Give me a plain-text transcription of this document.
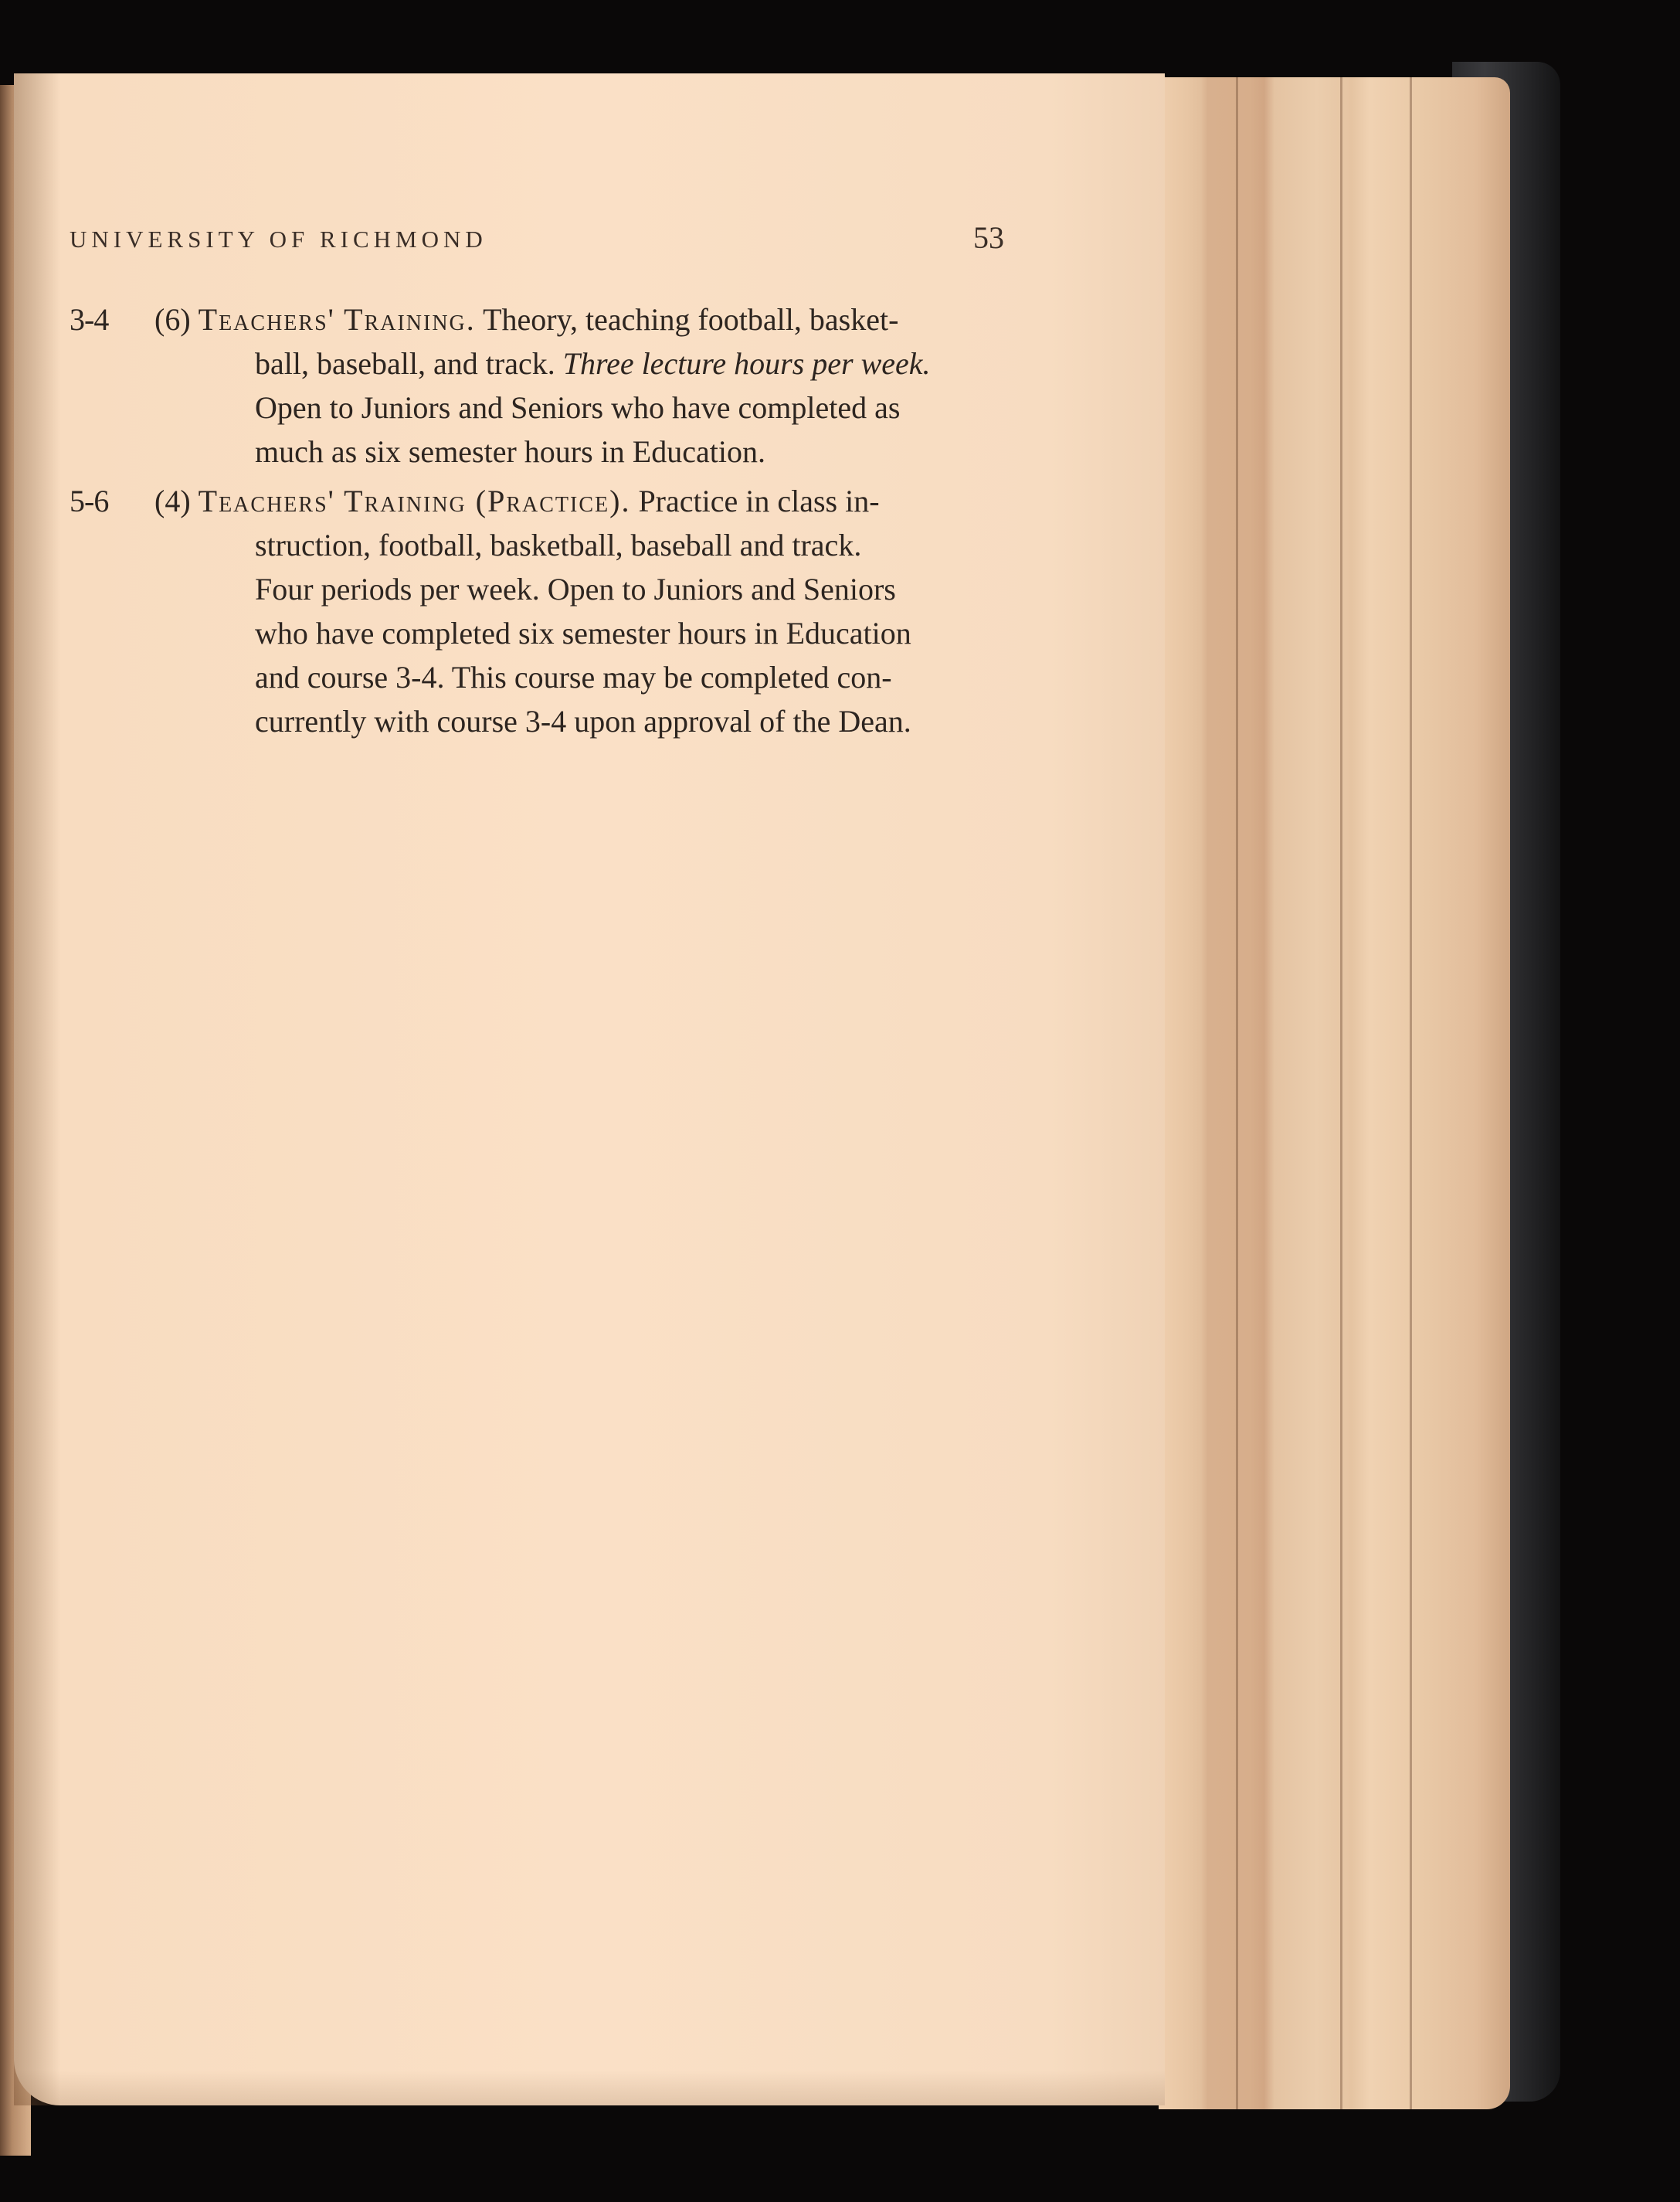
UNIVERSITY OF RICHMOND	53
3-4 (6) Teachers' Training. Theory, teaching football, basket-
ball, baseball, and track. Three lecture hours per week.
Open to Juniors and Seniors who have completed as
much as six semester hours in Education.
5-6 (4) Teachers' Training (Practice). Practice in class in-
struction, football, basketball, baseball and track.
Four periods per week. Open to Juniors and Seniors
who have completed six semester hours in Education
and course 3-4. This course may be completed con-
currently with course 3-4 upon approval of the Dean.
